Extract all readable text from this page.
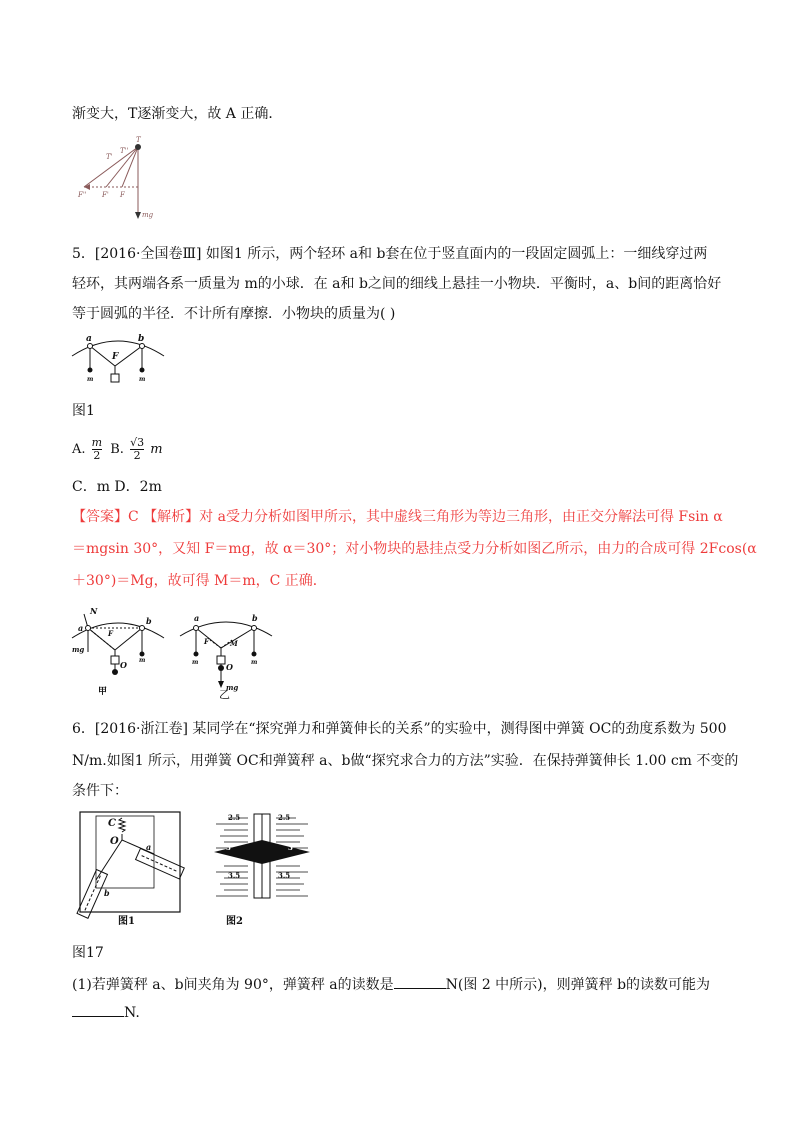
渐变大，T逐渐变大，故 A 正确．
T
T'
T''
F'' F' F
mg
5．[2016·全国卷Ⅲ] 如图1 所示，两个轻环 a和 b套在位于竖直面内的一段固定圆弧上：一细线穿过两
轻环，其两端各系一质量为 m的小球．在 a和 b之间的细线上悬挂一小物块．平衡时，a、b间的距离恰好
等于圆弧的半径．不计所有摩擦．小物块的质量为( )
a	b
F
m	m
图1
A. $\frac{m}{2} B$. $\frac{√3}{2}$ m
C．m D．2m
【答案】C 【解析】对 a受力分析如图甲所示，其中虚线三角形为等边三角形，由正交分解法可得 Fsin α
＝mgsin 30°，又知 F＝mg，故 α＝30°；对小物块的悬挂点受力分析如图乙所示，由力的合成可得 2Fcos(α
＋30°)＝Mg，故可得 M＝m，C 正确．
N
a
b
mg
F
O m
甲
a	b
F	M
O
mg
m	m
乙
6．[2016·浙江卷] 某同学在“探究弹力和弹簧伸长的关系”的实验中，测得图中弹簧 OC的劲度系数为 500
N/m.如图1 所示，用弹簧 OC和弹簧秤 a、b做“探究求合力的方法”实验．在保持弹簧伸长 1.00 cm 不变的
条件下：
C
O	a
b
图1
2.5	2.5
3	3
3.5	3.5
图2
图17
(1)若弹簧秤 a、b间夹角为 90°，弹簧秤 a的读数是	N(图 2 中所示)，则弹簧秤 b的读数可能为
N.
